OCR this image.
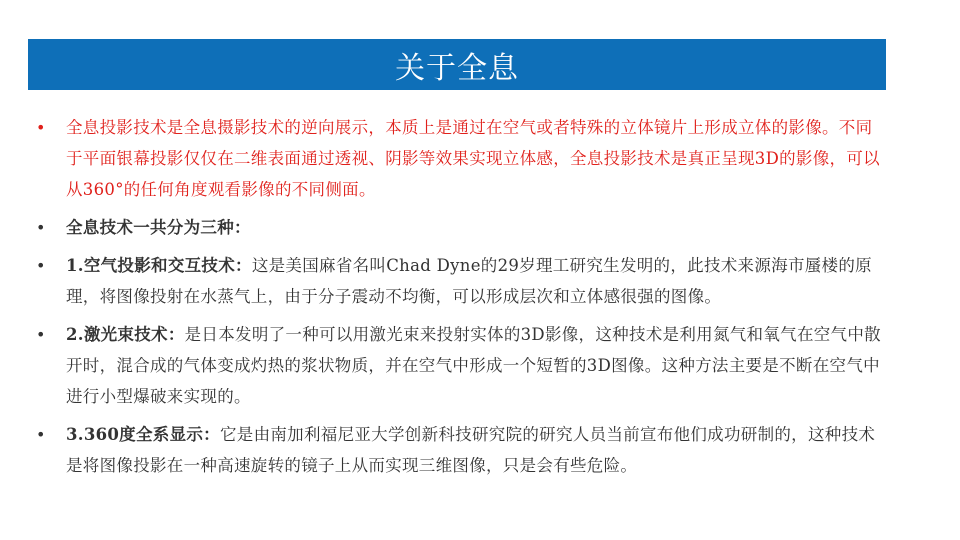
关于全息
•	全息投影技术是全息摄影技术的逆向展示，本质上是通过在空气或者特殊的立体镜片上形成立体的影像。不同于平面银幕投影仅仅在二维表面通过透视、阴影等效果实现立体感，全息投影技术是真正呈现3D的影像，可以从360°的任何角度观看影像的不同侧面。
•	全息技术一共分为三种：
•	1.空气投影和交互技术：这是美国麻省名叫Chad Dyne的29岁理工研究生发明的，此技术来源海市蜃楼的原理，将图像投射在水蒸气上，由于分子震动不均衡，可以形成层次和立体感很强的图像。
•	2.激光束技术：是日本发明了一种可以用激光束来投射实体的3D影像，这种技术是利用氮气和氧气在空气中散开时，混合成的气体变成灼热的浆状物质，并在空气中形成一个短暂的3D图像。这种方法主要是不断在空气中进行小型爆破来实现的。
•	3.360度全系显示：它是由南加利福尼亚大学创新科技研究院的研究人员当前宣布他们成功研制的，这种技术是将图像投影在一种高速旋转的镜子上从而实现三维图像，只是会有些危险。
